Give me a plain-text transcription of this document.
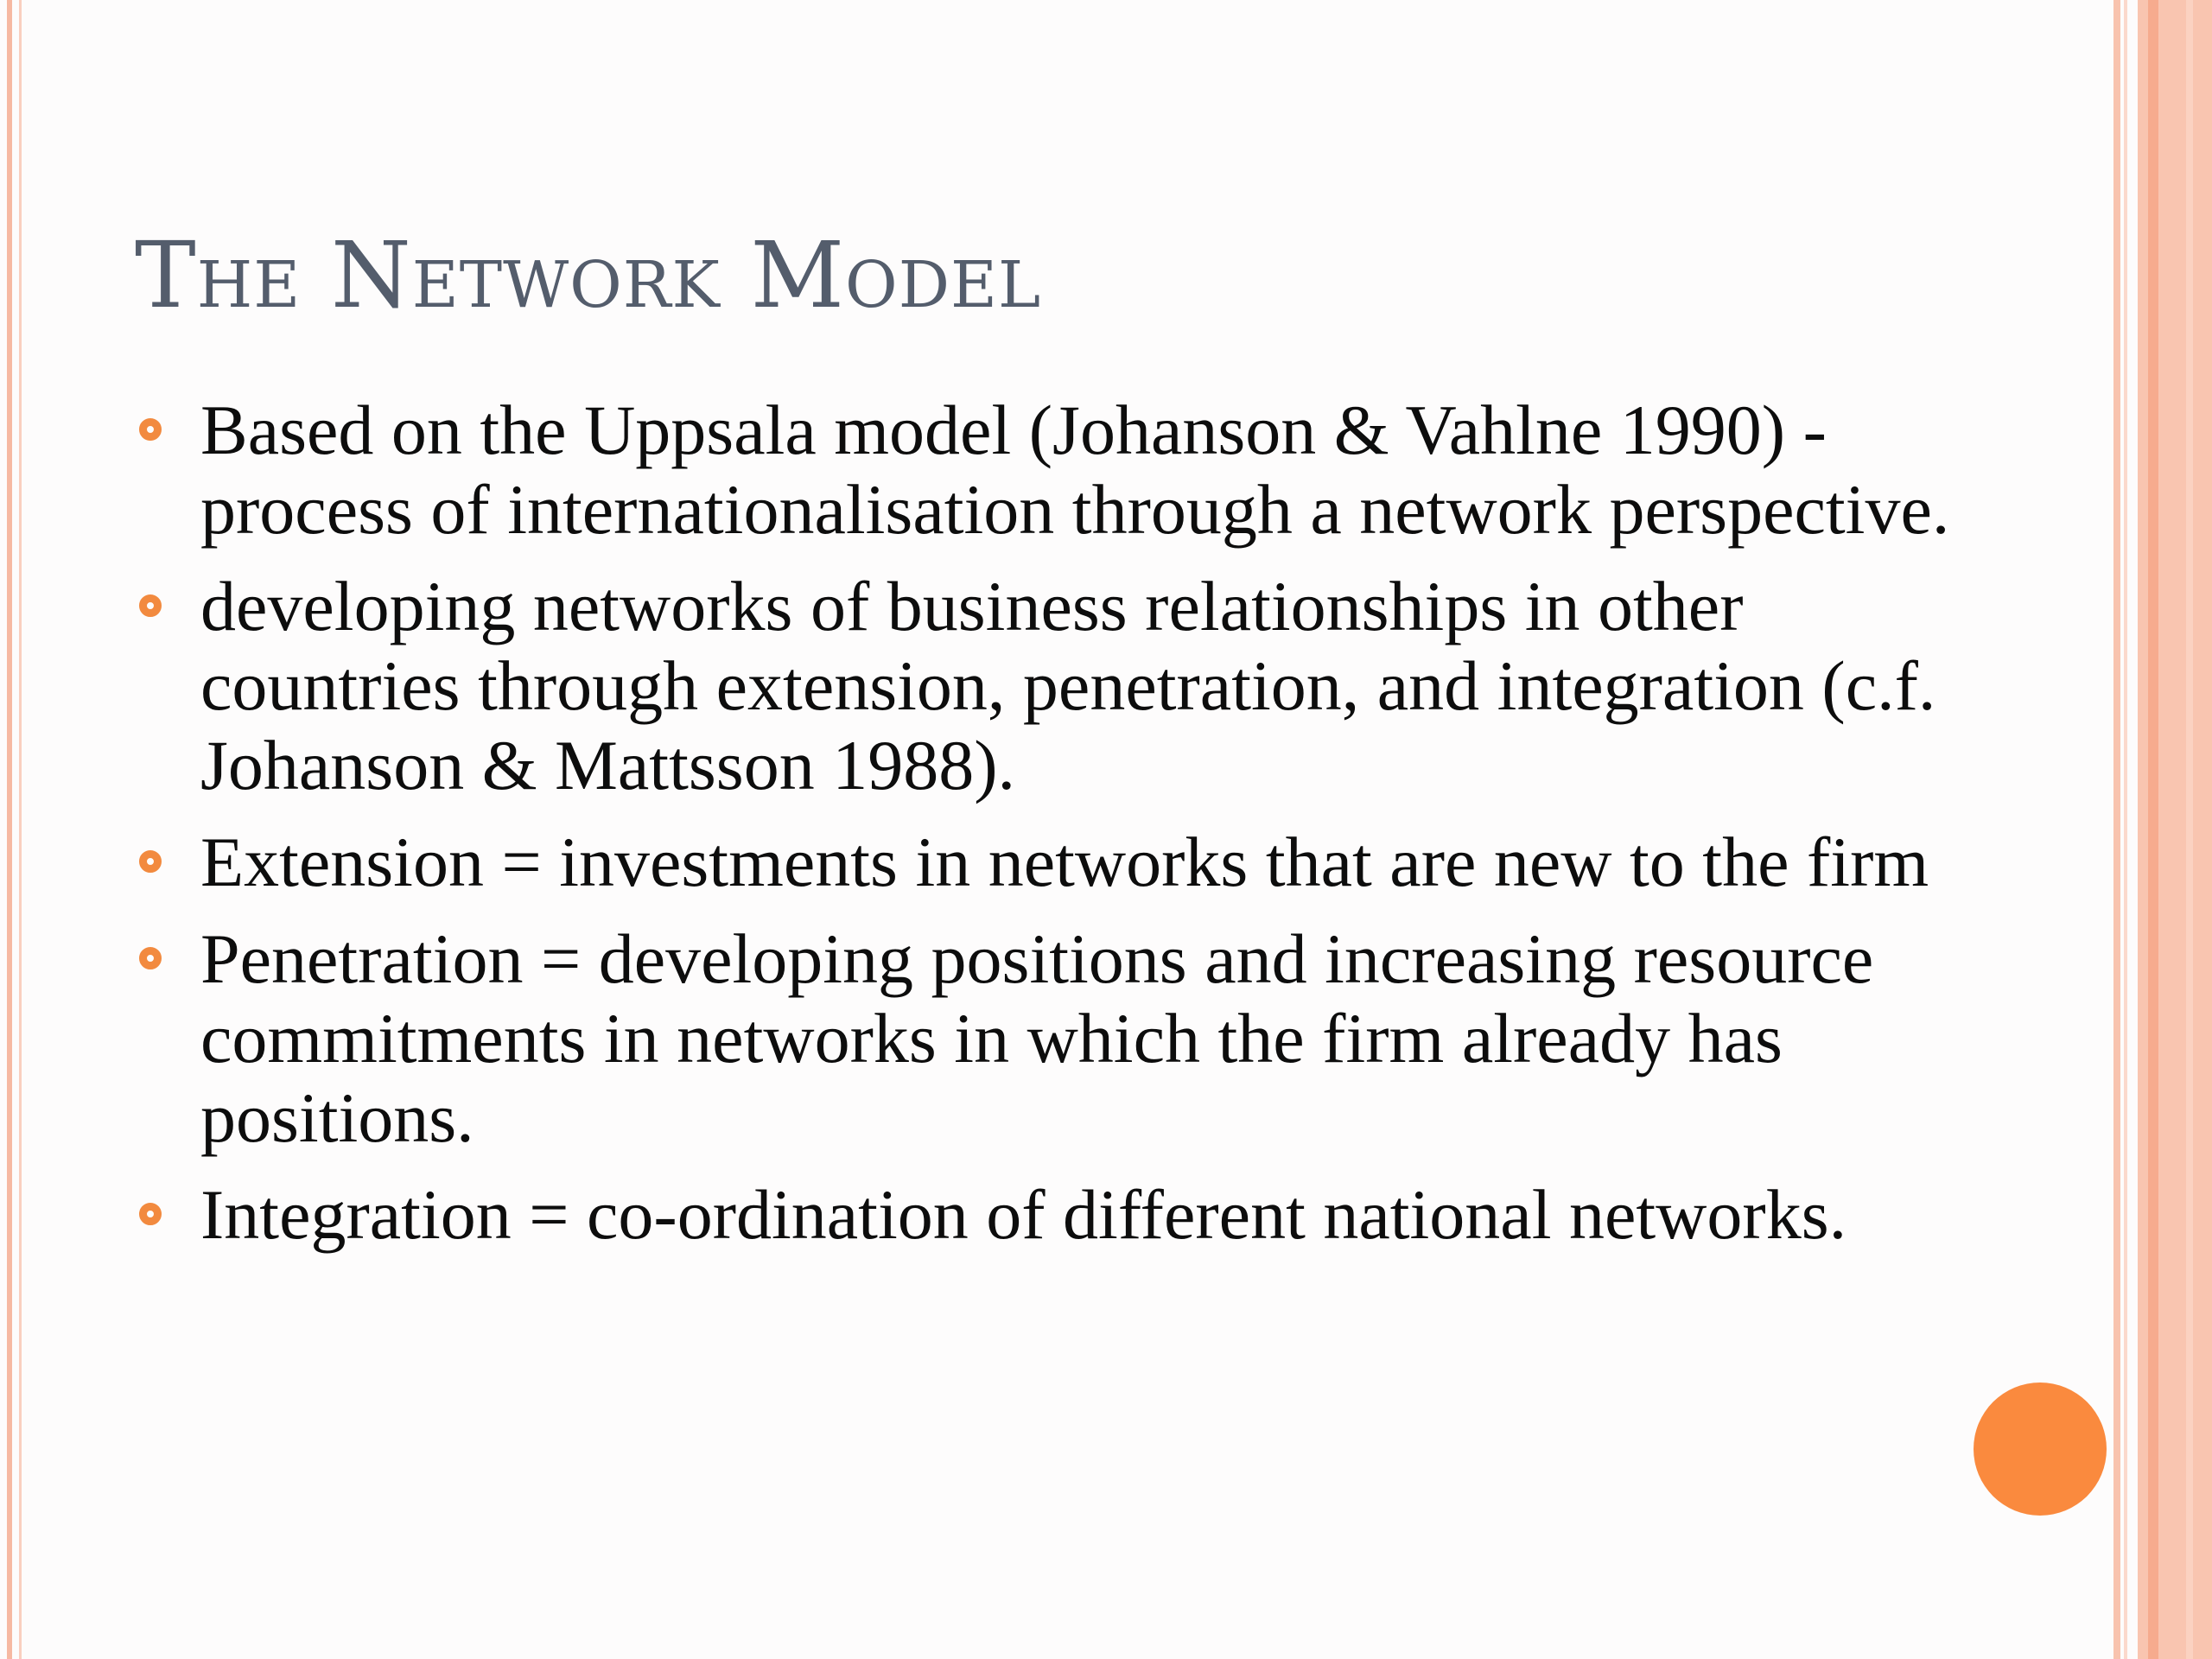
The Network Model
Based on the Uppsala model (Johanson & Vahlne 1990) - process of internationalisation through a network perspective.
developing networks of business relationships in other countries through extension, penetration, and integration (c.f. Johanson & Mattsson 1988).
Extension = investments in networks that are new to the firm
Penetration = developing positions and increasing resource commitments in networks in which the firm already has positions.
Integration = co-ordination of different national networks.
